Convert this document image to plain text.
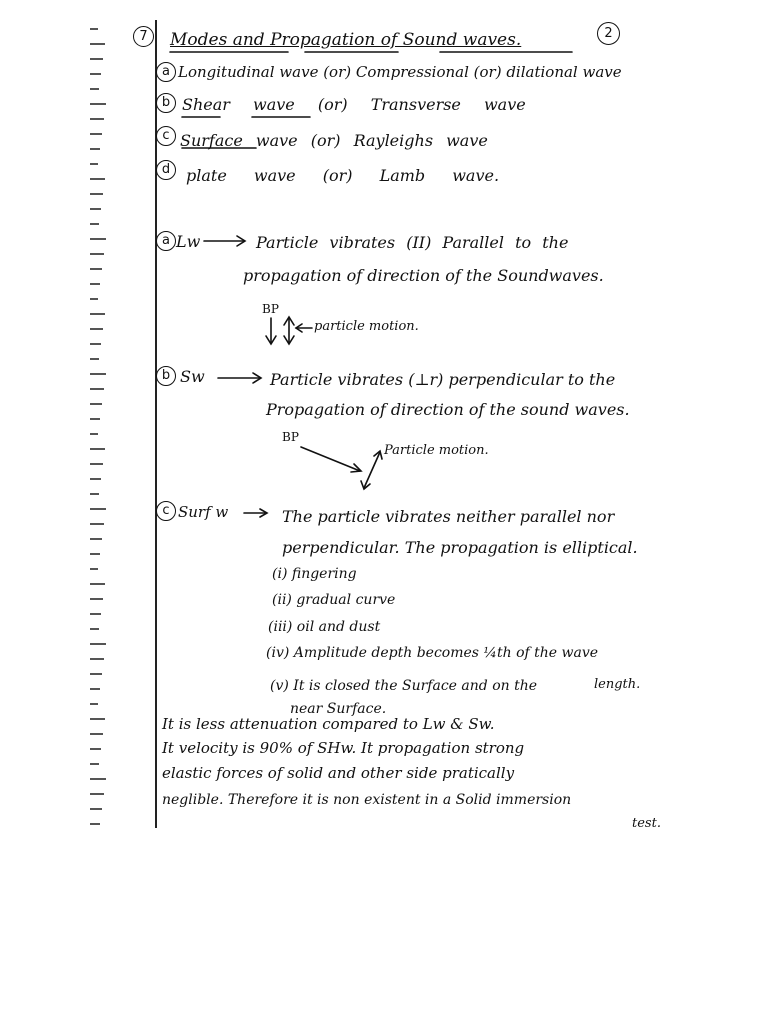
7	Modes and Propagation of Sound waves.	2
a Longitudinal wave (or) Compressional (or) dilational wave
b Shear wave (or) Transverse wave
c Surface wave (or) Rayleighs wave
d plate wave (or) Lamb wave.
a Lw	Particle vibrates (II) Parallel to the
propagation of direction of the Soundwaves.
BP
particle motion.
b Sw	Particle vibrates (⊥r) perpendicular to the
Propagation of direction of the sound waves.
BP
Particle motion.
c Surf w	The particle vibrates neither parallel nor
perpendicular. The propagation is elliptical.
(i) fingering
(ii) gradual curve
(iii) oil and dust
(iv) Amplitude depth becomes ¼th of the wave
length.
(v) It is closed the Surface and on the
near Surface.
It is less attenuation compared to Lw & Sw.
It velocity is 90% of SHw. It propagation strong
elastic forces of solid and other side pratically
neglible. Therefore it is non existent in a Solid immersion
test.
